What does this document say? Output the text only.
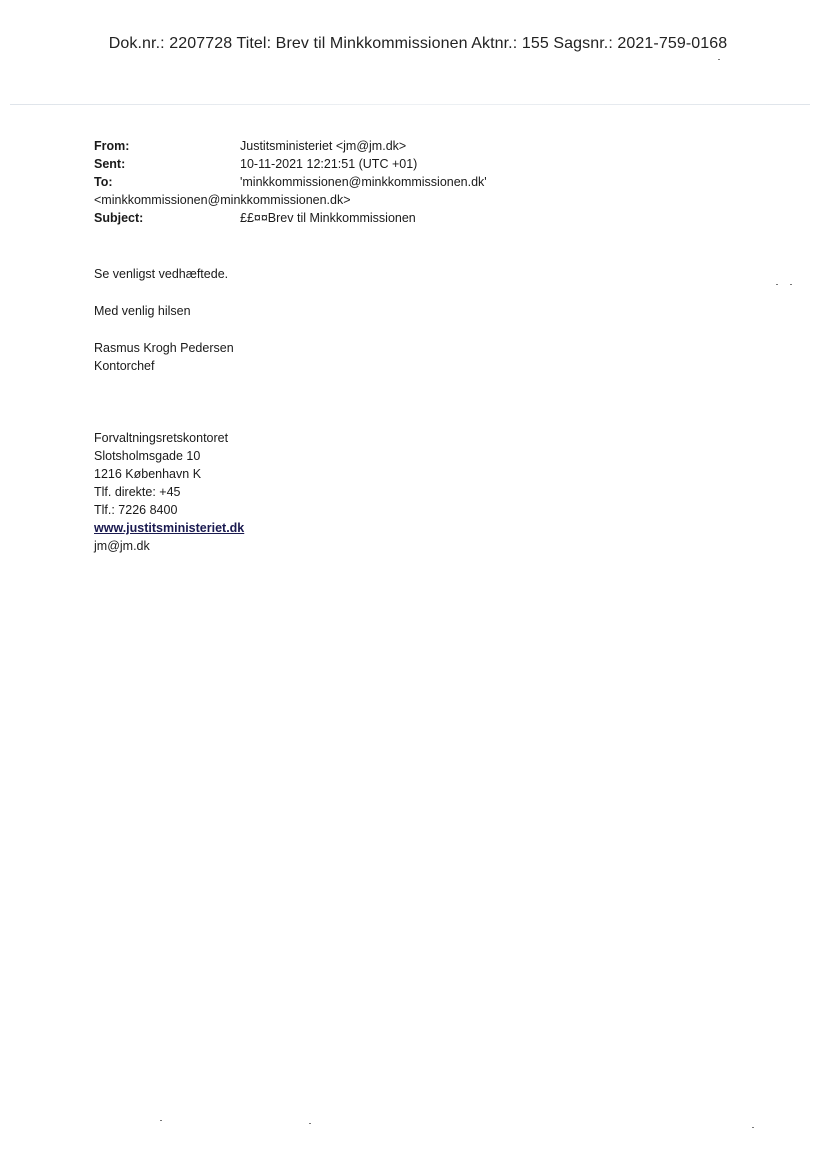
Dok.nr.: 2207728 Titel: Brev til Minkkommissionen Aktnr.: 155 Sagsnr.: 2021-759-0168
From:	Justitsministeriet <jm@jm.dk>
Sent:	10-11-2021 12:21:51 (UTC +01)
To:	'minkkommissionen@minkkommissionen.dk'
<minkkommissionen@minkkommissionen.dk>
Subject:	££¤¤Brev til Minkkommissionen

Se venligst vedhæftede.

Med venlig hilsen

Rasmus Krogh Pedersen

Kontorchef

Forvaltningsretskontoret

Slotsholmsgade 10

1216 København K

Tlf. direkte: +45

Tlf.: 7226 8400

www.justitsministeriet.dk

jm@jm.dk
